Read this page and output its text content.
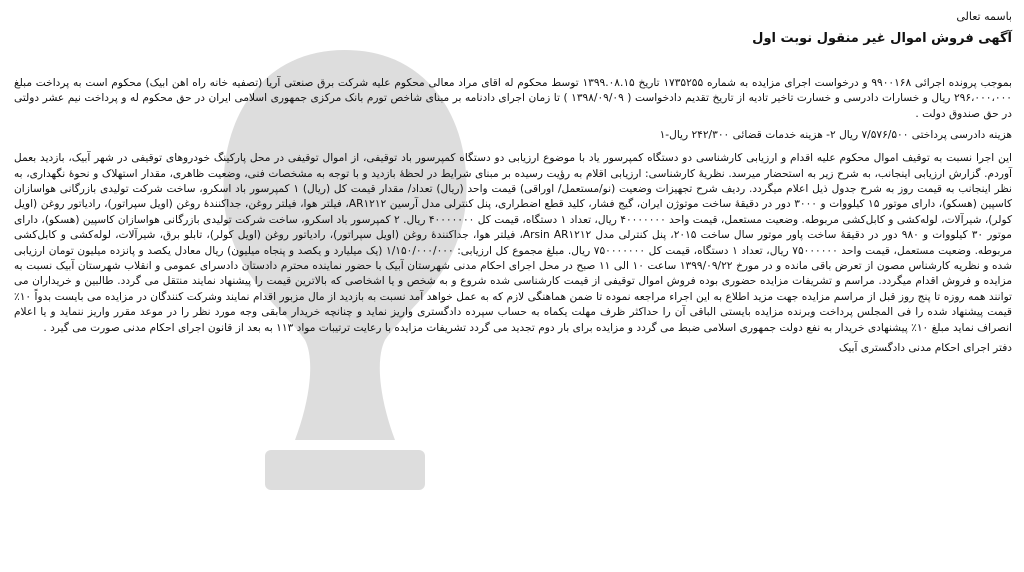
باسمه تعالی
آگهی فروش اموال غیر منقول نوبت اول

بموجب پرونده اجرائی ۹۹۰۰۱۶۸ و درخواست اجرای مزایده به شماره ۱۷۳۵۲۵۵ تاریخ ۱۳۹۹.۰۸.۱۵ توسط محکوم له اقای مراد معالی محکوم علیه شرکت برق صنعتی آریا (تصفیه خانه راه اهن ابیک) محکوم است به پرداخت مبلغ ۲۹۶،۰۰۰،۰۰۰ ریال و خسارات دادرسی و خسارت تاخیر تادیه از تاریخ تقدیم دادخواست ( ۱۳۹۸/۰۹/۰۹ ) تا زمان اجرای دادنامه بر مبنای شاخص تورم بانک مرکزی جمهوری اسلامی ایران در حق محکوم له و پرداخت نیم عشر دولتی در حق صندوق دولت .

هزینه دادرسی پرداختی ۷/۵۷۶/۵۰۰ ریال ۲- هزینه خدمات قضائی ۲۴۲/۳۰۰ ریال-۱

این اجرا نسبت به توقیف اموال محکوم علیه اقدام و ارزیابی کارشناسی دو دستگاه کمپرسور یاد با موضوع ارزیابی دو دستگاه کمپرسور باد توقیفی، از اموال توقیفی در محل پارکینگ خودروهای توقیفی در شهر آبیک، بازدید بعمل آوردم. گزارش ارزیابی اینجانب، به شرح زیر به استحضار میرسد. نظریهٔ کارشناسی: ارزیابی اقلام به رؤیت رسیده بر مبنای شرایط در لحظهٔ بازدید و با توجه به مشخصات فنی، وضعیت ظاهری، مقدار استهلاک و نحوهٔ نگهداری، به نظر اینجانب به قیمت روز به شرح جدول ذیل اعلام میگردد. ردیف شرح تجهیزات وضعیت (نو/مستعمل/ اوراقی) قیمت واحد (ریال) تعداد/ مقدار قیمت کل (ریال) ۱ کمپرسور باد اسکرو، ساخت شرکت تولیدی بازرگانی هواسازان کاسپین (هسکو)، دارای موتور ۱۵ کیلووات و ۳۰۰۰ دور در دقیقهٔ ساخت موتوژن ایران، گیج فشار، کلید قطع اضطراری، پنل کنترلی مدل آرسین AR۱۲۱۲، فیلتر هوا، فیلتر روغن، جداکنندهٔ روغن (اویل سپراتور)، رادیاتور روغن (اویل کولر)، شیرآلات، لوله‌کشی و کابل‌کشی مربوطه. وضعیت مستعمل، قیمت واحد ۴۰۰۰۰۰۰۰ ریال، تعداد ۱ دستگاه، قیمت کل ۴۰۰۰۰۰۰۰ ریال. ۲ کمپرسور باد اسکرو، ساخت شرکت تولیدی بازرگانی هواسازان کاسپین (هسکو)، دارای موتور ۳۰ کیلووات و ۹۸۰ دور در دقیقهٔ ساخت پاور موتور سال ساخت ۲۰۱۵، پنل کنترلی مدل Arsin AR۱۲۱۲، فیلتر هوا، جداکنندهٔ روغن (اویل سپراتور)، رادیاتور روغن (اویل کولر)، تابلو برق، شیرآلات، لوله‌کشی و کابل‌کشی مربوطه. وضعیت مستعمل، قیمت واحد ۷۵۰۰۰۰۰۰ ریال، تعداد ۱ دستگاه، قیمت کل ۷۵۰۰۰۰۰۰۰ ریال. مبلغ مجموع کل ارزیابی: ۱/۱۵۰/۰۰۰/۰۰۰ (یک میلیارد و یکصد و پنجاه میلیون) ریال معادل یکصد و پانزده میلیون تومان ارزیابی شده و نظریه کارشناس مصون از تعرض باقی مانده و در مورخ ۱۳۹۹/۰۹/۲۲ ساعت ۱۰ الی ۱۱ صبح در محل اجرای احکام مدنی شهرستان آبیک با حضور نماینده محترم دادستان دادسرای عمومی و انقلاب شهرستان آبیک نسبت به مزایده و فروش اقدام میگردد. مراسم و تشریفات مزایده حضوری بوده فروش اموال توقیفی از قیمت کارشناسی شده شروع و به شخص و یا اشخاصی که بالاترین قیمت را پیشنهاد نمایند منتقل می گردد. طالبین و خریداران می توانند همه روزه تا پنج روز قبل از مراسم مزایده جهت مزید اطلاع به این اجراء مراجعه نموده تا ضمن هماهنگی لازم که به عمل خواهد آمد نسبت به بازدید از مال مزبور اقدام نمایند وشرکت کنندگان در مزایده می بایست بدواً ۱۰٪ قیمت پیشنهاد شده را فی المجلس پرداخت وبرنده مزایده بایستی الباقی آن را حداکثر ظرف مهلت یکماه به حساب سپرده دادگستری واریز نماید و چنانچه خریدار مابقی وجه مورد نظر را در موعد مقرر واریز ننماید و یا اعلام انصراف نماید مبلغ ۱۰٪ پیشنهادی خریدار به نفع دولت جمهوری اسلامی ضبط می گردد و مزایده برای بار دوم تجدید می گردد تشریفات مزایده با رعایت ترتیبات مواد ۱۱۳ به بعد از قانون اجرای احکام مدنی صورت می گیرد .

دفتر اجرای احکام مدنی دادگستری آبیک
